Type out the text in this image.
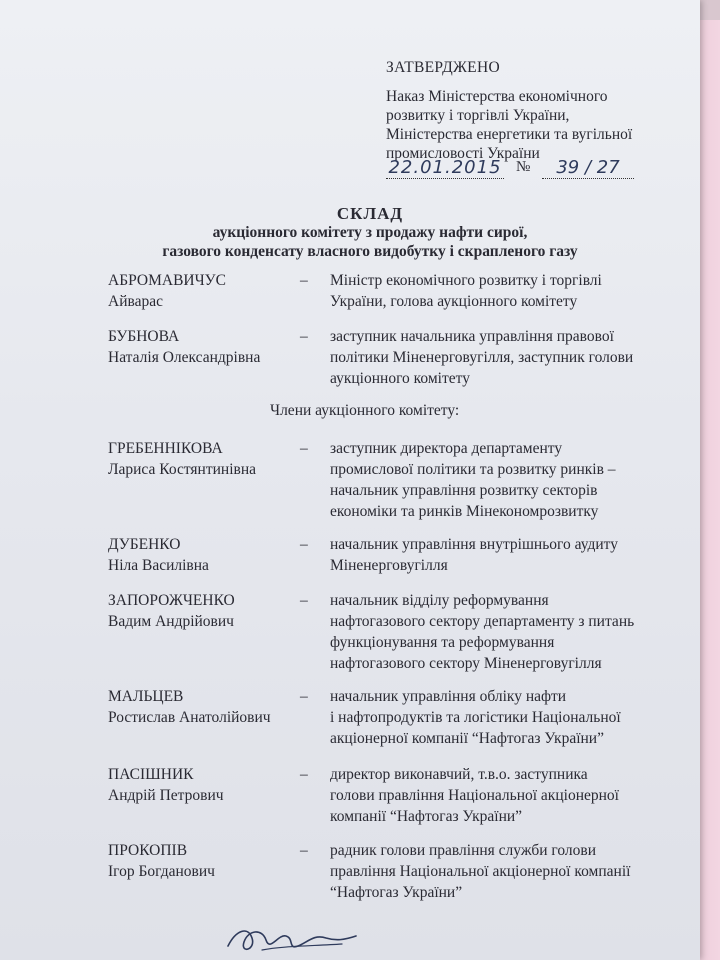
ЗАТВЕРДЖЕНО
Наказ Міністерства економічного
розвитку і торгівлі України,
Міністерства енергетики та вугільної
промисловості України
22.01.2015 №	39 / 27
СКЛАД
аукціонного комітету з продажу нафти сирої,
газового конденсату власного видобутку і скрапленого газу
АБРОМАВИЧУС
Айварас
– Міністр економічного розвитку і торгівлі
України, голова аукціонного комітету
БУБНОВА
Наталія Олександрівна
– заступник начальника управління правової
політики Міненерговугілля, заступник голови
аукціонного комітету
Члени аукціонного комітету:
ГРЕБЕННІКОВА
Лариса Костянтинівна
– заступник директора департаменту
промислової політики та розвитку ринків –
начальник управління розвитку секторів
економіки та ринків Мінекономрозвитку
ДУБЕНКО
Ніла Василівна
– начальник управління внутрішнього аудиту
Міненерговугілля
ЗАПОРОЖЧЕНКО
Вадим Андрійович
– начальник відділу реформування
нафтогазового сектору департаменту з питань
функціонування та реформування
нафтогазового сектору Міненерговугілля
МАЛЬЦЕВ
Ростислав Анатолійович
– начальник управління обліку нафти
і нафтопродуктів та логістики Національної
акціонерної компанії “Нафтогаз України”
ПАСІШНИК
Андрій Петрович
– директор виконавчий, т.в.о. заступника
голови правління Національної акціонерної
компанії “Нафтогаз України”
ПРОКОПІВ
Ігор Богданович
– радник голови правління служби голови
правління Національної акціонерної компанії
“Нафтогаз України”
